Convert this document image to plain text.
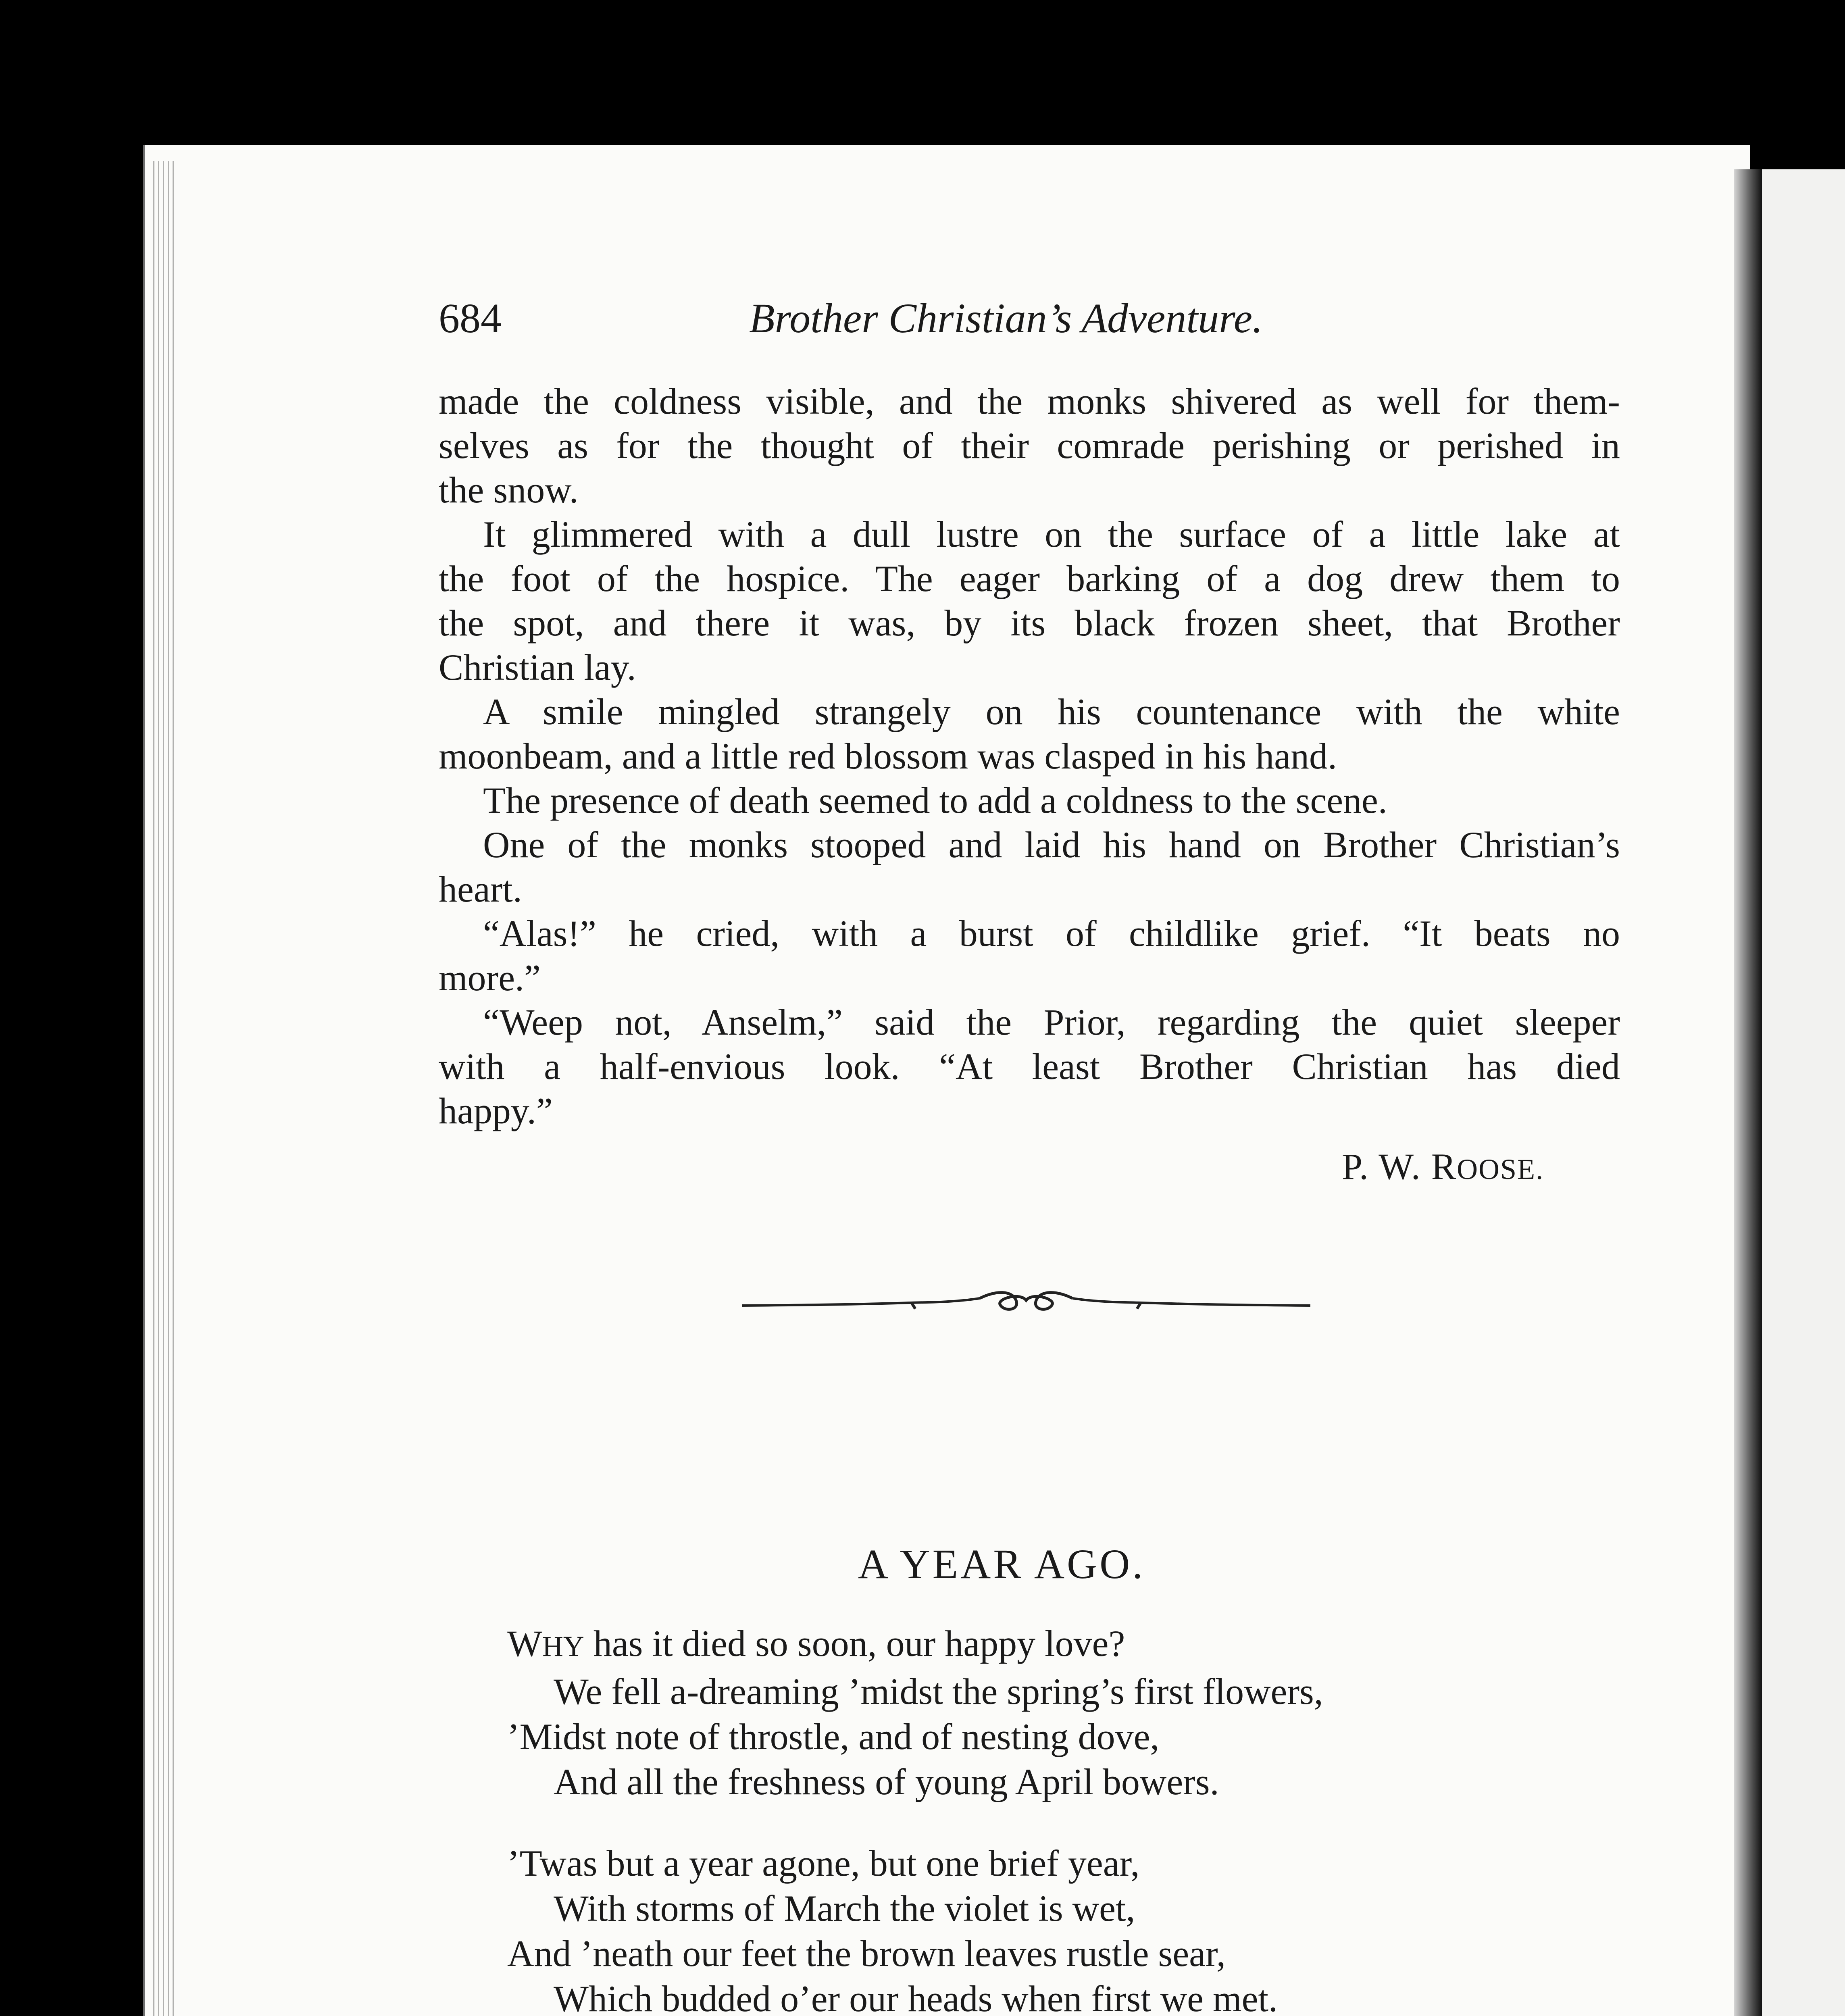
684	Brother Christian’s Adventure.

made the coldness visible, and the monks shivered as well for them-

selves as for the thought of their comrade perishing or perished in

the snow.

It glimmered with a dull lustre on the surface of a little lake at

the foot of the hospice. The eager barking of a dog drew them to

the spot, and there it was, by its black frozen sheet, that Brother

Christian lay.

A smile mingled strangely on his countenance with the white

moonbeam, and a little red blossom was clasped in his hand.

The presence of death seemed to add a coldness to the scene.

One of the monks stooped and laid his hand on Brother Christian’s

heart.

“Alas!” he cried, with a burst of childlike grief. “It beats no

more.”

“Weep not, Anselm,” said the Prior, regarding the quiet sleeper

with a half-envious look. “At least Brother Christian has died

happy.”

P. W. ROOSE.
A YEAR AGO.
WHY has it died so soon, our happy love?
We fell a-dreaming ’midst the spring’s first flowers,
’Midst note of throstle, and of nesting dove,
And all the freshness of young April bowers.
’Twas but a year agone, but one brief year,
With storms of March the violet is wet,
And ’neath our feet the brown leaves rustle sear,
Which budded o’er our heads when first we met.
